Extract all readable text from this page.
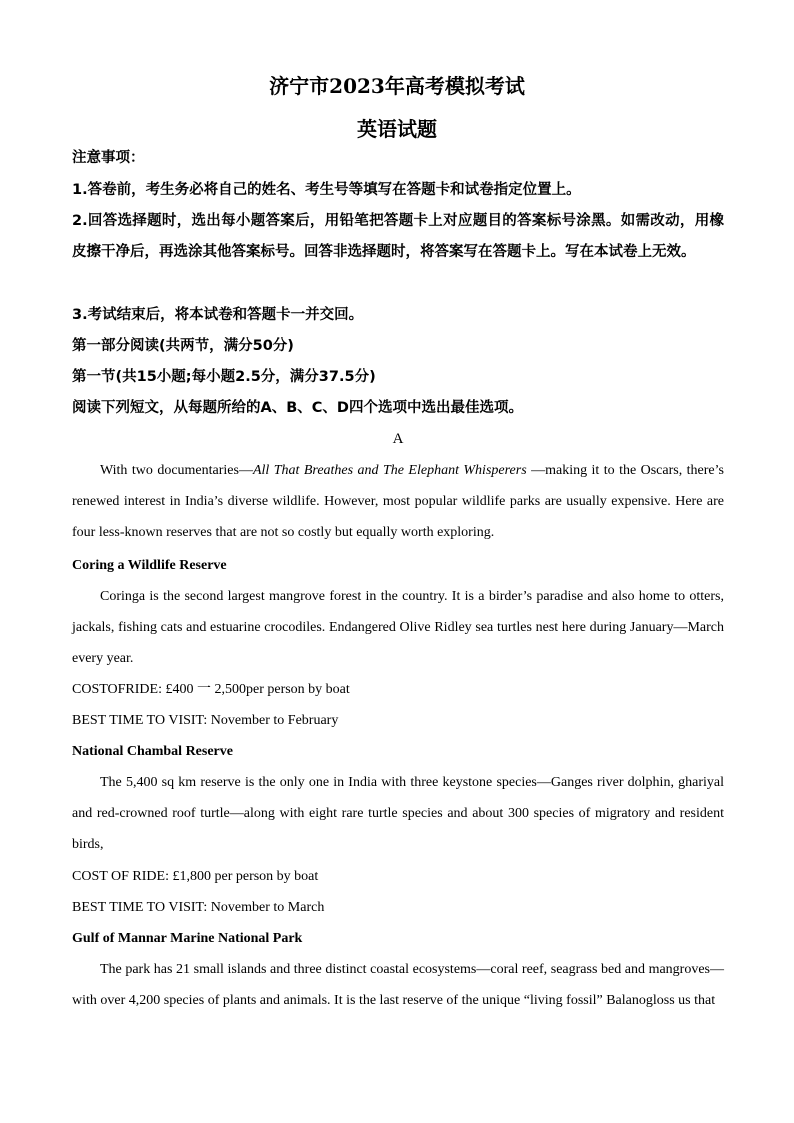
济宁市2023年高考模拟考试
英语试题
注意事项：
1.答卷前，考生务必将自己的姓名、考生号等填写在答题卡和试卷指定位置上。
2.回答选择题时，选出每小题答案后，用铅笔把答题卡上对应题目的答案标号涂黑。如需改动，用橡皮擦干净后，再选涂其他答案标号。回答非选择题时，将答案写在答题卡上。写在本试卷上无效。
3.考试结束后，将本试卷和答题卡一并交回。
第一部分阅读(共两节，满分50分)
第一节(共15小题;每小题2.5分，满分37.5分)
阅读下列短文，从每题所给的A、B、C、D四个选项中选出最佳选项。
A
With two documentaries—All That Breathes and The Elephant Whisperers —making it to the Oscars, there’s renewed interest in India’s diverse wildlife. However, most popular wildlife parks are usually expensive. Here are four less-known reserves that are not so costly but equally worth exploring.
Coring a Wildlife Reserve
Coringa is the second largest mangrove forest in the country. It is a birder’s paradise and also home to otters, jackals, fishing cats and estuarine crocodiles. Endangered Olive Ridley sea turtles nest here during January—March every year.
COSTOFRIDE: £400 一 2,500per person by boat
BEST TIME TO VISIT: November to February
National Chambal Reserve
The 5,400 sq km reserve is the only one in India with three keystone species—Ganges river dolphin, ghariyal and red-crowned roof turtle—along with eight rare turtle species and about 300 species of migratory and resident birds,
COST OF RIDE: £1,800 per person by boat
BEST TIME TO VISIT: November to March
Gulf of Mannar Marine National Park
The park has 21 small islands and three distinct coastal ecosystems—coral reef, seagrass bed and mangroves—with over 4,200 species of plants and animals. It is the last reserve of the unique “living fossil” Balanogloss us that
